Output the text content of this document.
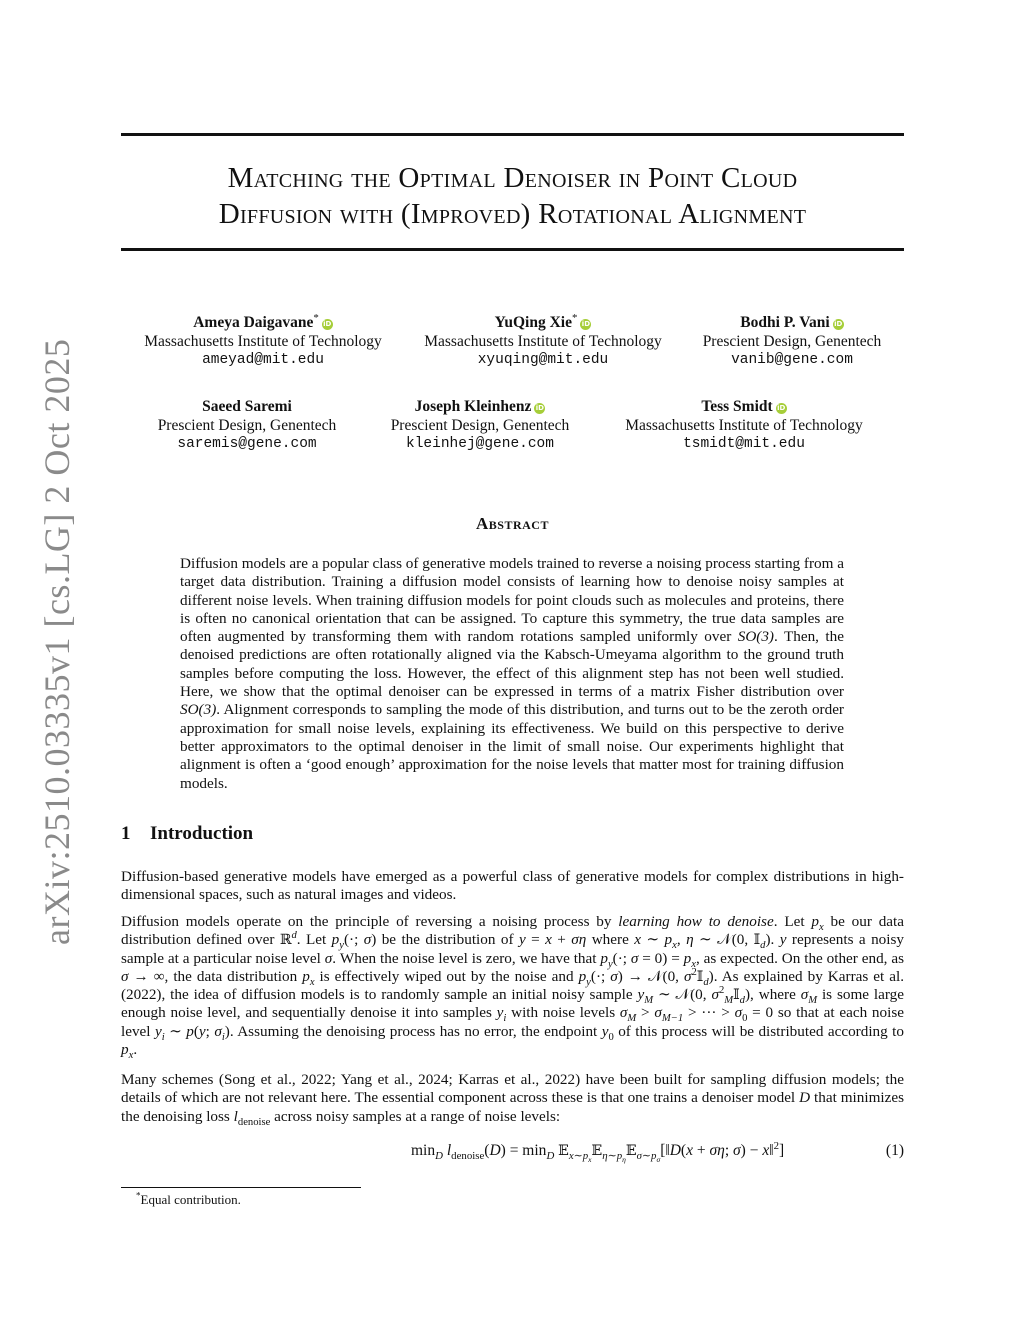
arXiv:2510.03335v1 [cs.LG] 2 Oct 2025
Matching the Optimal Denoiser in Point Cloud
Diffusion with (Improved) Rotational Alignment
Ameya Daigavane*iD
Massachusetts Institute of Technology
ameyad@mit.edu
YuQing Xie*iD
Massachusetts Institute of Technology
xyuqing@mit.edu
Bodhi P. Vani iD
Prescient Design, Genentech
vanib@gene.com
Saeed Saremi
Prescient Design, Genentech
saremis@gene.com
Joseph Kleinhenz iD
Prescient Design, Genentech
kleinhej@gene.com
Tess Smidt iD
Massachusetts Institute of Technology
tsmidt@mit.edu
Abstract

Diffusion models are a popular class of generative models trained to reverse a noising process starting from a target data distribution. Training a diffusion model consists of learning how to denoise noisy samples at different noise levels. When training diffusion models for point clouds such as molecules and proteins, there is often no canonical orientation that can be assigned. To capture this symmetry, the true data samples are often augmented by transforming them with random rotations sampled uniformly over SO(3). Then, the denoised predictions are often rotationally aligned via the Kabsch-Umeyama algorithm to the ground truth samples before computing the loss. However, the effect of this alignment step has not been well studied. Here, we show that the optimal denoiser can be expressed in terms of a matrix Fisher distribution over SO(3). Alignment corresponds to sampling the mode of this distribution, and turns out to be the zeroth order approximation for small noise levels, explaining its effectiveness. We build on this perspective to derive better approximators to the optimal denoiser in the limit of small noise. Our experiments highlight that alignment is often a ‘good enough’ approximation for the noise levels that matter most for training diffusion models.

1 Introduction

Diffusion-based generative models have emerged as a powerful class of generative models for complex distributions in high-dimensional spaces, such as natural images and videos.

Diffusion models operate on the principle of reversing a noising process by learning how to denoise. Let $p_x$ be our data distribution defined over ℝ$^d$. Let $p_y(\cdot$; σ) be the distribution of y = x + ση where x ∼ $p_x$, η ∼ 𝒩(0, 𝕀$_d$). y represents a noisy sample at a particular noise level σ. When the noise level is zero, we have that $p_y(\cdot$; $\sigma = 0) = p_x$, as expected. On the other end, as σ → ∞, the data distribution $p_x$ is effectively wiped out by the noise and $p_y(\cdot$; σ) → 𝒩(0, $\sigma^2𝕀_d$). As explained by Karras et al. (2022), the idea of diffusion models is to randomly sample an initial noisy sample $y_M$ ∼ 𝒩(0, $\sigma^2_M𝕀_d$), where $\sigma_M$ is some large enough noise level, and sequentially denoise it into samples $y_i$ with noise levels $\sigma_M > \sigma_{M-1}$ > ··· > $\sigma_0 = 0$ so that at each noise level $y_i$ ∼ p(y; $\sigma_i$). Assuming the denoising process has no error, the endpoint $y_0$ of this process will be distributed according to $p_x$.

Many schemes (Song et al., 2022; Yang et al., 2024; Karras et al., 2022) have been built for sampling diffusion models; the details of which are not relevant here. The essential component across these is that one trains a denoiser model D that minimizes the denoising loss $l_{denoise}$ across noisy samples at a range of noise levels:

$\min_D l_{denoise}(D) = \min_D$ 𝔼$_{x\sim p_x}$𝔼$_{\eta\sim p_\eta}$𝔼$_{\sigma\sim p_\sigma}$[‖D(x + ση; σ) − x‖$^2$]	(1)
*Equal contribution.
